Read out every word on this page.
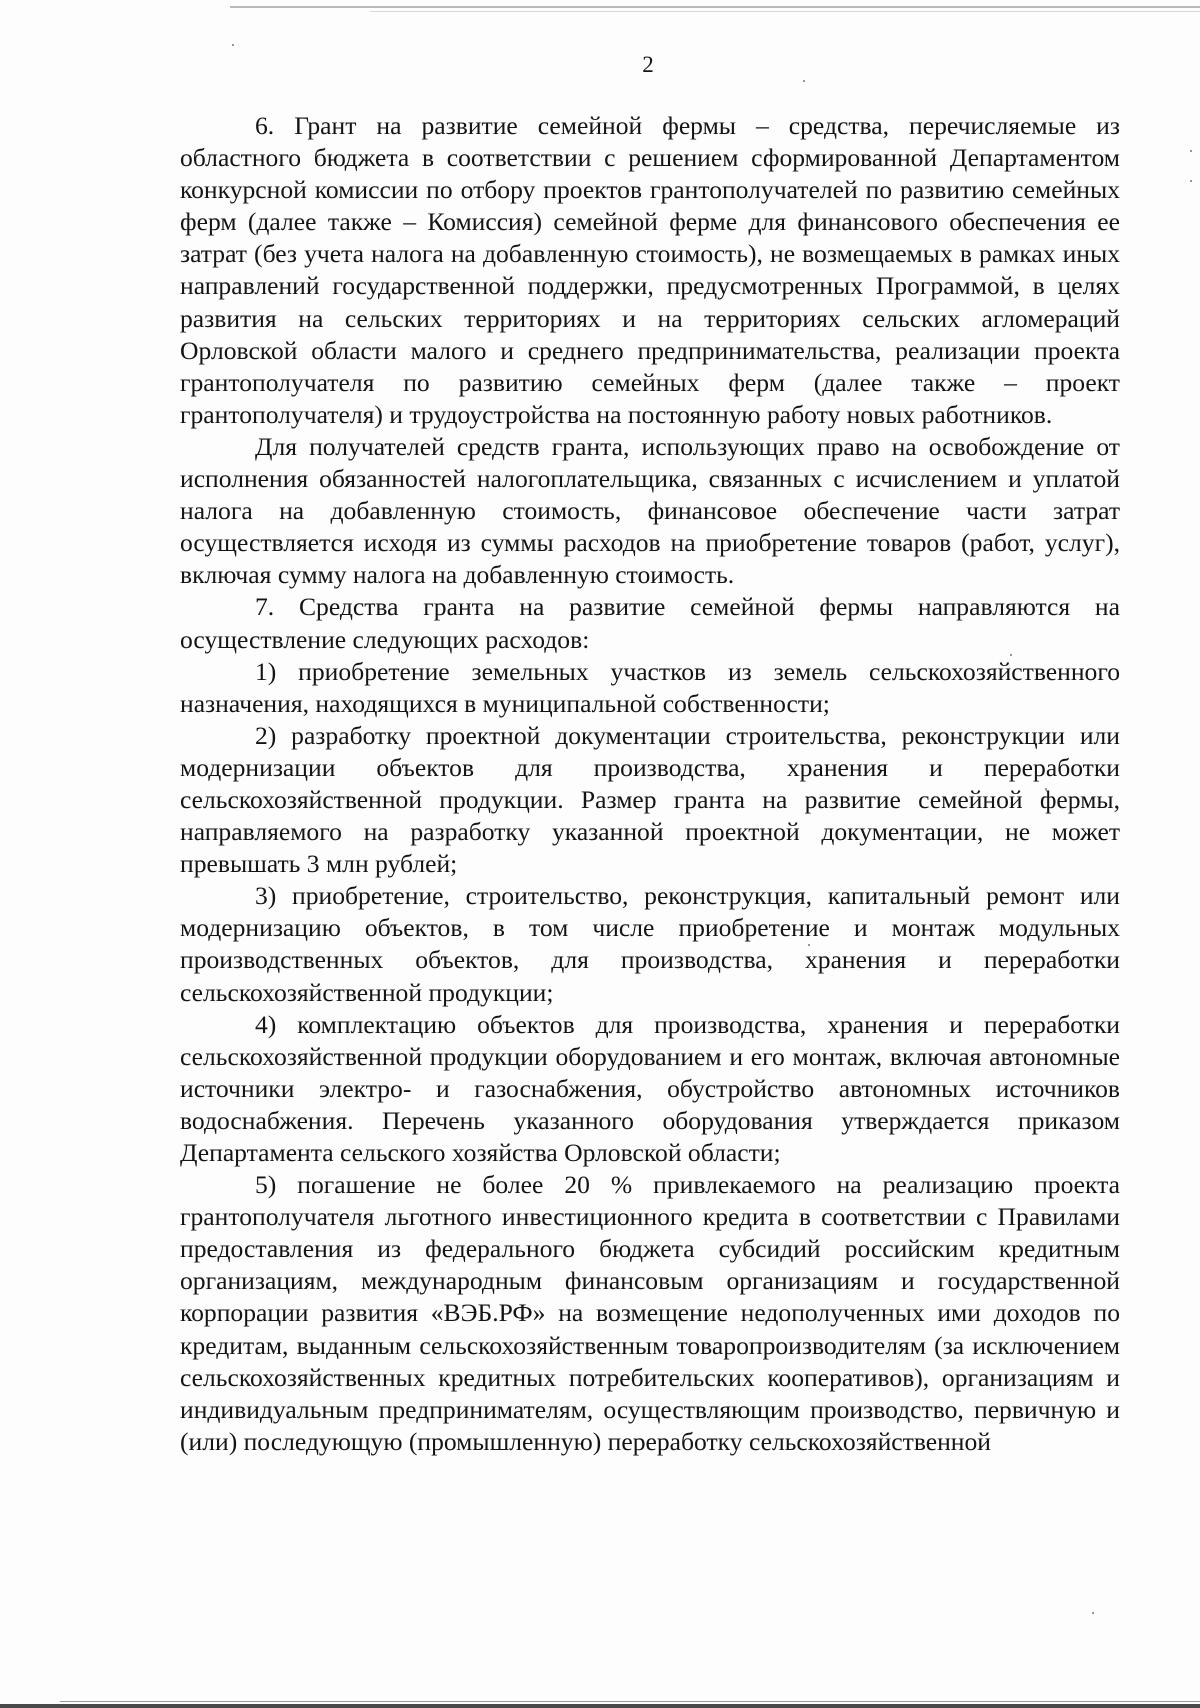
2

6. Грант на развитие семейной фермы – средства, перечисляемые из областного бюджета в соответствии с решением сформированной Департаментом конкурсной комиссии по отбору проектов грантополучателей по развитию семейных ферм (далее также – Комиссия) семейной ферме для финансового обеспечения ее затрат (без учета налога на добавленную стоимость), не возмещаемых в рамках иных направлений государственной поддержки, предусмотренных Программой, в целях развития на сельских территориях и на территориях сельских агломераций Орловской области малого и среднего предпринимательства, реализации проекта грантополучателя по развитию семейных ферм (далее также – проект грантополучателя) и трудоустройства на постоянную работу новых работников.

Для получателей средств гранта, использующих право на освобождение от исполнения обязанностей налогоплательщика, связанных с исчислением и уплатой налога на добавленную стоимость, финансовое обеспечение части затрат осуществляется исходя из суммы расходов на приобретение товаров (работ, услуг), включая сумму налога на добавленную стоимость.

7. Средства гранта на развитие семейной фермы направляются на осуществление следующих расходов:

1) приобретение земельных участков из земель сельскохозяйственного назначения, находящихся в муниципальной собственности;

2) разработку проектной документации строительства, реконструкции или модернизации объектов для производства, хранения и переработки сельскохозяйственной продукции. Размер гранта на развитие семейной фермы, направляемого на разработку указанной проектной документации, не может превышать 3 млн рублей;

3) приобретение, строительство, реконструкция, капитальный ремонт или модернизацию объектов, в том числе приобретение и монтаж модульных производственных объектов, для производства, хранения и переработки сельскохозяйственной продукции;

4) комплектацию объектов для производства, хранения и переработки сельскохозяйственной продукции оборудованием и его монтаж, включая автономные источники электро- и газоснабжения, обустройство автономных источников водоснабжения. Перечень указанного оборудования утверждается приказом Департамента сельского хозяйства Орловской области;

5) погашение не более 20 % привлекаемого на реализацию проекта грантополучателя льготного инвестиционного кредита в соответствии с Правилами предоставления из федерального бюджета субсидий российским кредитным организациям, международным финансовым организациям и государственной корпорации развития «ВЭБ.РФ» на возмещение недополученных ими доходов по кредитам, выданным сельскохозяйственным товаропроизводителям (за исключением сельскохозяйственных кредитных потребительских кооперативов), организациям и индивидуальным предпринимателям, осуществляющим производство, первичную и (или) последующую (промышленную) переработку сельскохозяйственной
